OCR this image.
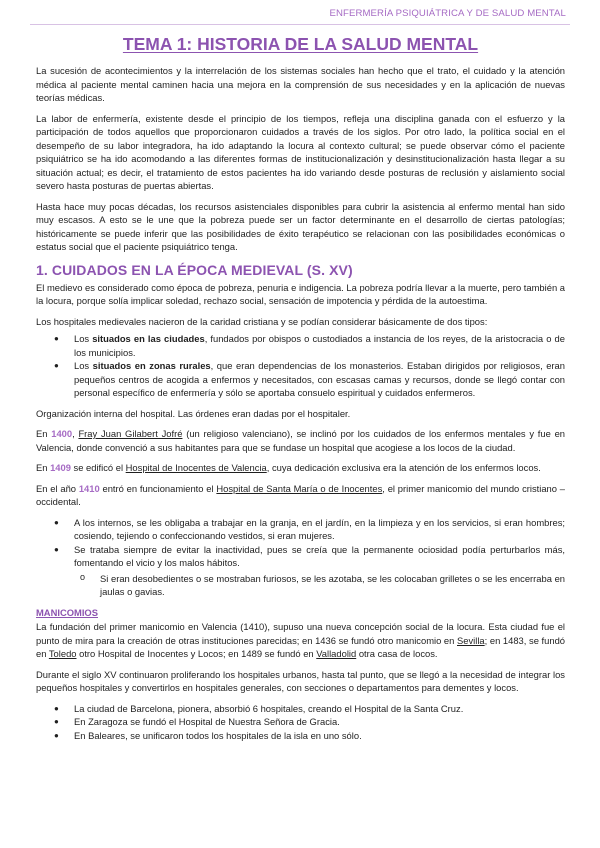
ENFERMERÍA PSIQUIÁTRICA Y DE SALUD MENTAL
TEMA 1: HISTORIA DE LA SALUD MENTAL

La sucesión de acontecimientos y la interrelación de los sistemas sociales han hecho que el trato, el cuidado y la atención médica al paciente mental caminen hacia una mejora en la comprensión de sus necesidades y en la aplicación de nuevas teorías médicas.

La labor de enfermería, existente desde el principio de los tiempos, refleja una disciplina ganada con el esfuerzo y la participación de todos aquellos que proporcionaron cuidados a través de los siglos. Por otro lado, la política social en el desempeño de su labor integradora, ha ido adaptando la locura al contexto cultural; se puede observar cómo el paciente psiquiátrico se ha ido acomodando a las diferentes formas de institucionalización y desinstitucionalización hasta llegar a su situación actual; es decir, el tratamiento de estos pacientes ha ido variando desde posturas de reclusión y aislamiento social severo hasta posturas de puertas abiertas.

Hasta hace muy pocas décadas, los recursos asistenciales disponibles para cubrir la asistencia al enfermo mental han sido muy escasos. A esto se le une que la pobreza puede ser un factor determinante en el desarrollo de ciertas patologías; históricamente se puede inferir que las posibilidades de éxito terapéutico se relacionan con las posibilidades económicas o estatus social que el paciente psiquiátrico tenga.

1. CUIDADOS EN LA ÉPOCA MEDIEVAL (S. XV)

El medievo es considerado como época de pobreza, penuria e indigencia. La pobreza podría llevar a la muerte, pero también a la locura, porque solía implicar soledad, rechazo social, sensación de impotencia y pérdida de la autoestima.

Los hospitales medievales nacieron de la caridad cristiana y se podían considerar básicamente de dos tipos:

● Los situados en las ciudades, fundados por obispos o custodiados a instancia de los reyes, de la aristocracia o de los municipios.
● Los situados en zonas rurales, que eran dependencias de los monasterios. Estaban dirigidos por religiosos, eran pequeños centros de acogida a enfermos y necesitados, con escasas camas y recursos, donde se llegó contar con personal específico de enfermería y sólo se aportaba consuelo espiritual y cuidados enfermeros.

Organización interna del hospital. Las órdenes eran dadas por el hospitaler.

En 1400, Fray Juan Gilabert Jofré (un religioso valenciano), se inclinó por los cuidados de los enfermos mentales y fue en Valencia, donde convenció a sus habitantes para que se fundase un hospital que acogiese a los locos de la ciudad.

En 1409 se edificó el Hospital de Inocentes de Valencia, cuya dedicación exclusiva era la atención de los enfermos locos.

En el año 1410 entró en funcionamiento el Hospital de Santa María o de Inocentes, el primer manicomio del mundo cristiano – occidental.

● A los internos, se les obligaba a trabajar en la granja, en el jardín, en la limpieza y en los servicios, si eran hombres; cosiendo, tejiendo o confeccionando vestidos, si eran mujeres.
● Se trataba siempre de evitar la inactividad, pues se creía que la permanente ociosidad podía perturbarlos más, fomentando el vicio y los malos hábitos.
o Si eran desobedientes o se mostraban furiosos, se les azotaba, se les colocaban grilletes o se les encerraba en jaulas o gavias.
MANICOMIOS

La fundación del primer manicomio en Valencia (1410), supuso una nueva concepción social de la locura. Esta ciudad fue el punto de mira para la creación de otras instituciones parecidas; en 1436 se fundó otro manicomio en Sevilla; en 1483, se fundó en Toledo otro Hospital de Inocentes y Locos; en 1489 se fundó en Valladolid otra casa de locos.

Durante el siglo XV continuaron proliferando los hospitales urbanos, hasta tal punto, que se llegó a la necesidad de integrar los pequeños hospitales y convertirlos en hospitales generales, con secciones o departamentos para dementes y locos.

● La ciudad de Barcelona, pionera, absorbió 6 hospitales, creando el Hospital de la Santa Cruz.
● En Zaragoza se fundó el Hospital de Nuestra Señora de Gracia.
● En Baleares, se unificaron todos los hospitales de la isla en uno sólo.
